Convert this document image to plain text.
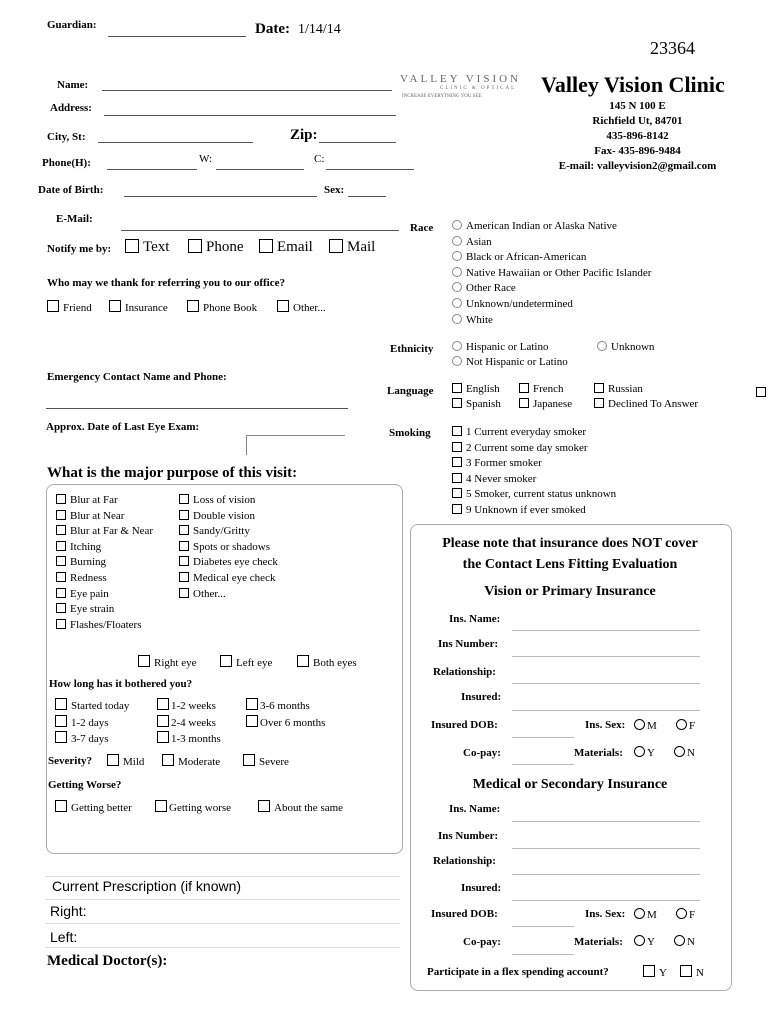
Guardian:	Date: 1/14/14
23364
VALLEY VISION
CLINIC & OPTICAL
INCREASE EVERYTHING YOU SEE	Valley Vision Clinic
145 N 100 E
Richfield Ut, 84701
435-896-8142
Fax- 435-896-9484
E-mail: valleyvision2@gmail.com
Name:
Address:
City, St:	Zip:
Phone(H):	W:	C:
Date of Birth:	Sex:
E-Mail:
Notify me by:	Text	Phone	Email	Mail
Who may we thank for referring you to our office?
Friend	Insurance	Phone Book	Other...
Emergency Contact Name and Phone:
Approx. Date of Last Eye Exam:
Race	American Indian or Alaska Native
Asian
Black or African-American
Native Hawaiian or Other Pacific Islander
Other Race
Unknown/undetermined
White
Ethnicity	Hispanic or Latino	Unknown
Not Hispanic or Latino
Language	English	French	Russian
Spanish	Japanese	Declined To Answer
Smoking	1 Current everyday smoker
2 Current some day smoker
3 Former smoker
4 Never smoker
5 Smoker, current status unknown
9 Unknown if ever smoked
What is the major purpose of this visit:
Blur at Far
Blur at Near
Blur at Far & Near
Itching
Burning
Redness
Eye pain
Eye strain
Flashes/Floaters
Loss of vision
Double vision
Sandy/Gritty
Spots or shadows
Diabetes eye check
Medical eye check
Other...
Right eye	Left eye	Both eyes
How long has it bothered you?
Started today
1-2 days
3-7 days
1-2 weeks
2-4 weeks
1-3 months
3-6 months
Over 6 months
Severity?	Mild	Moderate	Severe
Getting Worse?
Getting better	Getting worse	About the same
Current Prescription (if known)
Right:
Left:
Medical Doctor(s):
Please note that insurance does NOT cover
the Contact Lens Fitting Evaluation
Vision or Primary Insurance
Ins. Name:
Ins Number:
Relationship:
Insured:
Insured DOB:	Ins. Sex:	M	F
Co-pay:	Materials:	Y	N
Medical or Secondary Insurance
Ins. Name:
Ins Number:
Relationship:
Insured:
Insured DOB:	Ins. Sex:	M	F
Co-pay:	Materials:	Y	N
Participate in a flex spending account?	Y	N
